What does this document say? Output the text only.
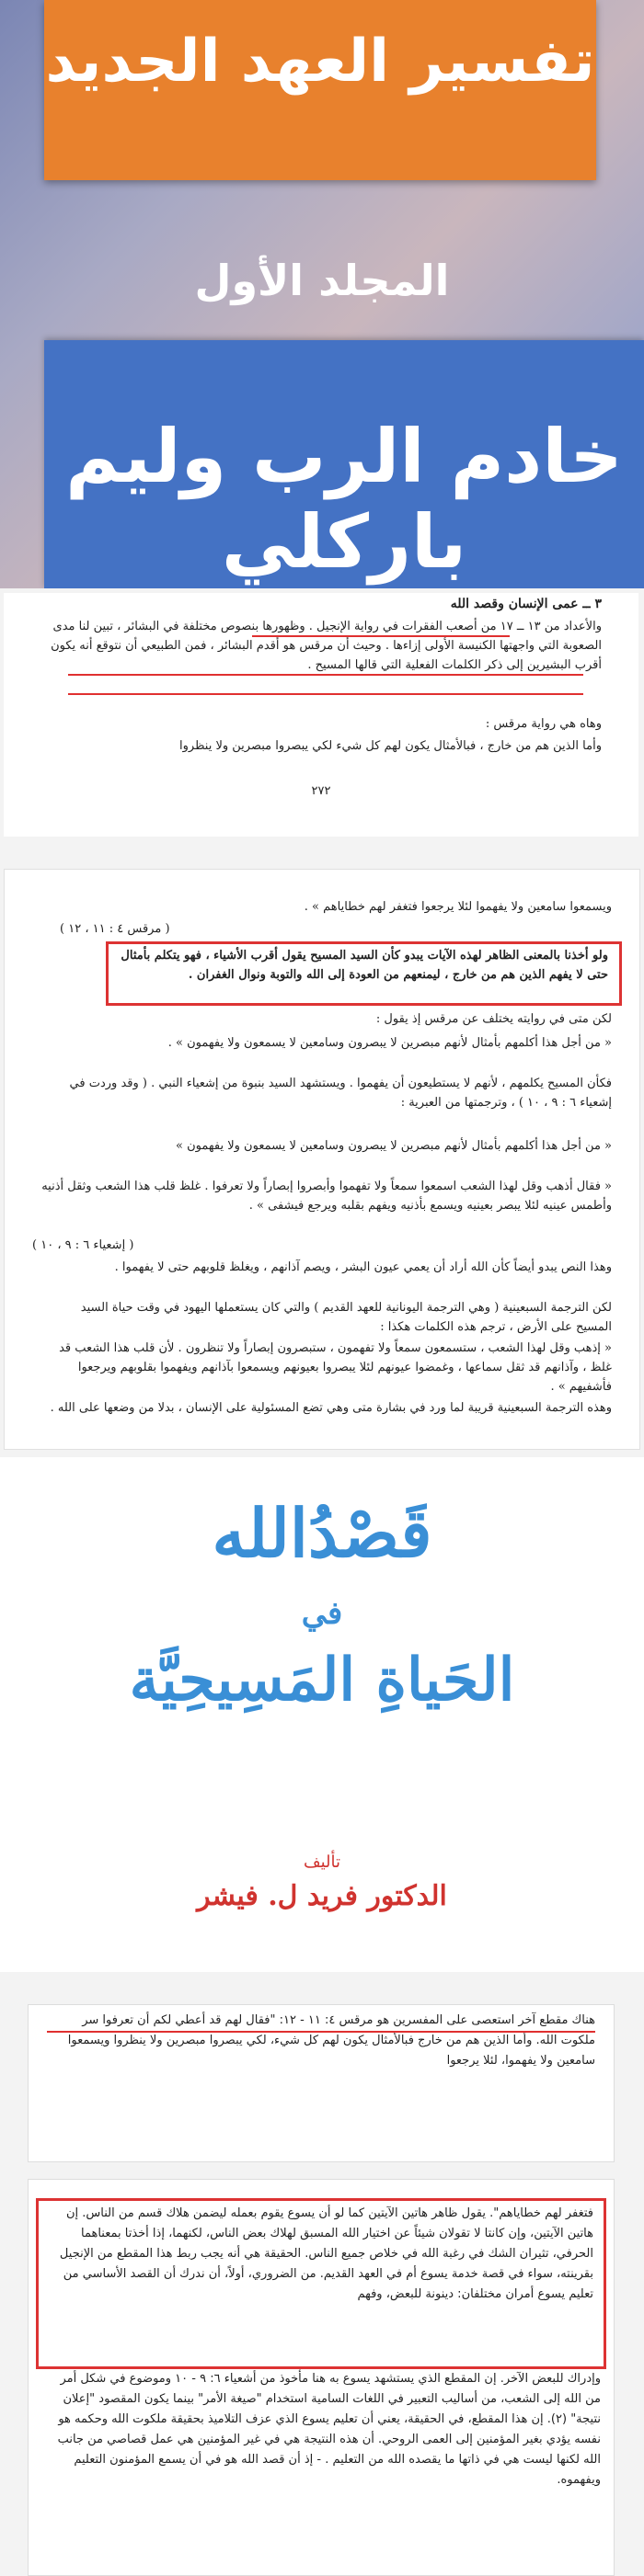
تفسير العهد الجديد
المجلد الأول
خادم الرب وليم باركلي
٣ ــ عمى الإنسان وقصد الله
والأعداد من ١٣ ــ ١٧ من أصعب الفقرات في رواية الإنجيل . وظهورها بنصوص مختلفة في البشائر ، تبين لنا مدى الصعوبة التي واجهتها الكنيسة الأولى إزاءها . وحيث أن مرقس هو أقدم البشائر ، فمن الطبيعي أن نتوقع أنه يكون أقرب البشيرين إلى ذكر الكلمات الفعلية التي قالها المسيح .
وهاه هي رواية مرقس :
وأما الذين هم من خارج ، فبالأمثال يكون لهم كل شيء لكي يبصروا مبصرين ولا ينظروا
٢٧٢
ويسمعوا سامعين ولا يفهموا لئلا يرجعوا فتغفر لهم خطاياهم » .
( مرقس ٤ : ١١ ، ١٢ )
ولو أخذنا بالمعنى الظاهر لهذه الآيات يبدو كأن السيد المسيح يقول أقرب الأشياء ، فهو يتكلم بأمثال حتى لا يفهم الذين هم من خارج ، ليمنعهم من العودة إلى الله والتوبة ونوال الغفران .
لكن متى في روايته يختلف عن مرقس إذ يقول :
« من أجل هذا أكلمهم بأمثال لأنهم مبصرين لا يبصرون وسامعين لا يسمعون ولا يفهمون » .
فكأن المسيح يكلمهم ، لأنهم لا يستطيعون أن يفهموا . ويستشهد السيد بنبوة من إشعياء النبي . ( وقد وردت في إشعياء ٦ : ٩ ، ١٠ ) ، وترجمتها من العبرية :
« من أجل هذا أكلمهم بأمثال لأنهم مبصرين لا يبصرون وسامعين لا يسمعون ولا يفهمون »
« فقال أذهب وقل لهذا الشعب اسمعوا سمعاً ولا تفهموا وأبصروا إبصاراً ولا تعرفوا . غلظ قلب هذا الشعب وثقل أذنيه وأطمس عينيه لئلا يبصر بعينيه ويسمع بأذنيه ويفهم بقلبه ويرجع فيشفى » .
( إشعياء ٦ : ٩ ، ١٠ )
وهذا النص يبدو أيضاً كأن الله أراد أن يعمي عيون البشر ، ويصم آذانهم ، ويغلظ قلوبهم حتى لا يفهموا .
لكن الترجمة السبعينية ( وهي الترجمة اليونانية للعهد القديم ) والتي كان يستعملها اليهود في وقت حياة السيد المسيح على الأرض ، ترجم هذه الكلمات هكذا :
« إذهب وقل لهذا الشعب ، ستسمعون سمعاً ولا تفهمون ، ستبصرون إبصاراً ولا تنظرون . لأن قلب هذا الشعب قد غلظ ، وآذانهم قد ثقل سماعها ، وغمضوا عيونهم لئلا يبصروا بعيونهم ويسمعوا بآذانهم ويفهموا بقلوبهم ويرجعوا فأشفيهم » .
وهذه الترجمة السبعينية قريبة لما ورد في بشارة متى وهي تضع المسئولية على الإنسان ، بدلا من وضعها على الله .
قَصْدُالله
في
الحَياةِ المَسِيحِيَّة
تأليف
الدكتور فريد ل. فيشر
هناك مقطع آخر استعصى على المفسرين هو مرقس ٤: ١١ - ١٢: "فقال لهم قد أعطي لكم أن تعرفوا سر ملكوت الله. وأما الذين هم من خارج فبالأمثال يكون لهم كل شيء، لكي يبصروا مبصرين ولا ينظروا ويسمعوا سامعين ولا يفهموا، لئلا يرجعوا
فتغفر لهم خطاياهم". يقول ظاهر هاتين الآيتين كما لو أن يسوع يقوم بعمله ليضمن هلاك قسم من الناس. إن هاتين الآيتين، وإن كانتا لا تقولان شيئاً عن اختيار الله المسبق لهلاك بعض الناس، لكنهما، إذا أخذتا بمعناهما الحرفي، تثيران الشك في رغبة الله في خلاص جميع الناس. الحقيقة هي أنه يجب ربط هذا المقطع من الإنجيل بقرينته، سواء في قصة خدمة يسوع أم في العهد القديم. من الضروري، أولاً، أن ندرك أن القصد الأساسي من تعليم يسوع أمران مختلفان: دينونة للبعض، وفهم
وإدراك للبعض الآخر. إن المقطع الذي يستشهد يسوع به هنا مأخوذ من أشعياء ٦: ٩ - ١٠ وموضوع في شكل أمر من الله إلى الشعب، من أساليب التعبير في اللغات السامية استخدام "صيغة الأمر" بينما يكون المقصود "إعلان نتيجة" (٢). إن هذا المقطع، في الحقيقة، يعني أن تعليم يسوع الذي عزف التلاميذ بحقيقة ملكوت الله وحكمه هو نفسه يؤدي بغير المؤمنين إلى العمى الروحي. أن هذه النتيجة هي في غير المؤمنين هي عمل قصاصي من جانب الله لكنها ليست هي في ذاتها ما يقصده الله من التعليم . - إذ أن قصد الله هو في أن يسمع المؤمنون التعليم ويفهموه.
